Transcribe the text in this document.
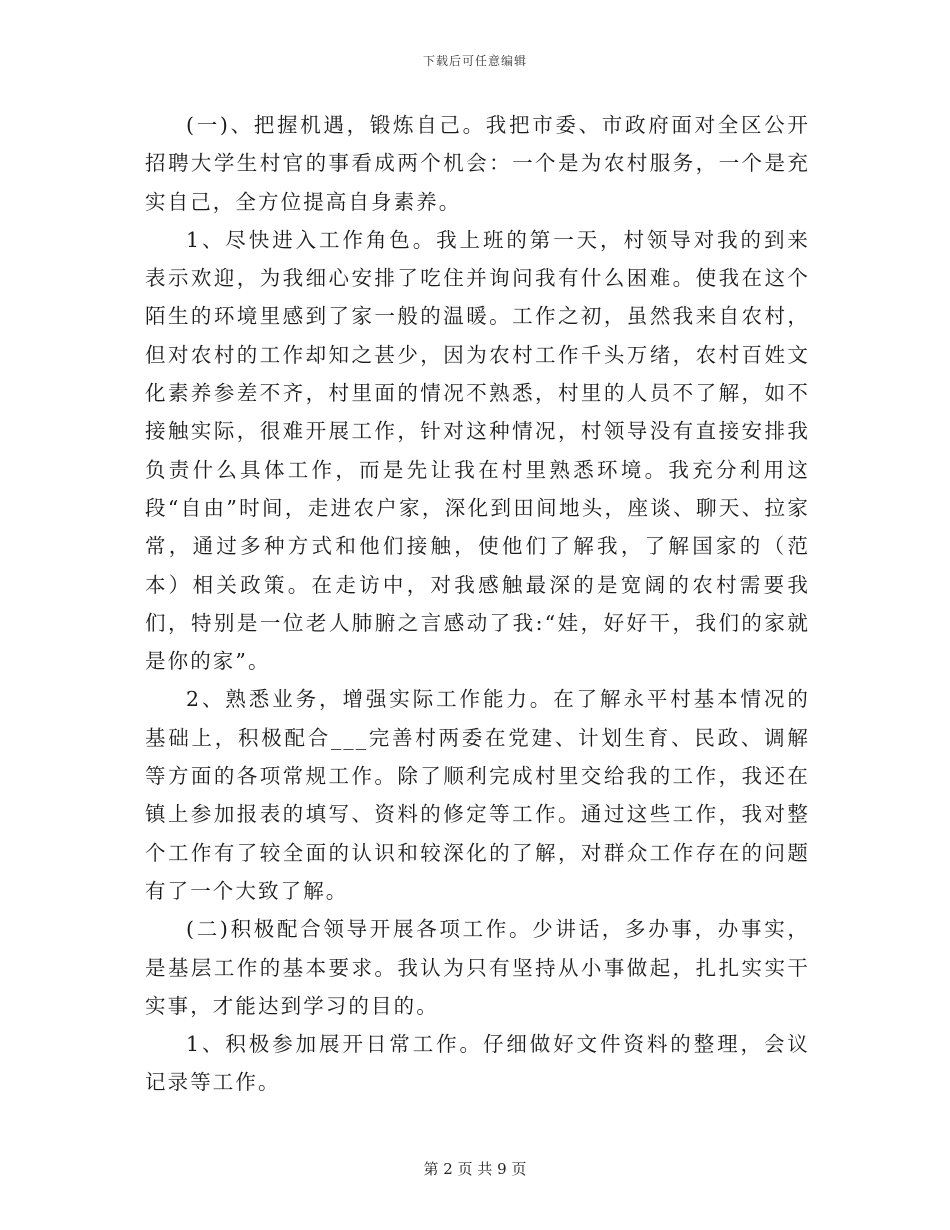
下载后可任意编辑

(一)、把握机遇，锻炼自己。我把市委、市政府面对全区公开招聘大学生村官的事看成两个机会：一个是为农村服务，一个是充实自己，全方位提高自身素养。

1、尽快进入工作角色。我上班的第一天，村领导对我的到来表示欢迎，为我细心安排了吃住并询问我有什么困难。使我在这个陌生的环境里感到了家一般的温暖。工作之初，虽然我来自农村，但对农村的工作却知之甚少，因为农村工作千头万绪，农村百姓文化素养参差不齐，村里面的情况不熟悉，村里的人员不了解，如不接触实际，很难开展工作，针对这种情况，村领导没有直接安排我负责什么具体工作，而是先让我在村里熟悉环境。我充分利用这段“自由”时间，走进农户家，深化到田间地头，座谈、聊天、拉家常，通过多种方式和他们接触，使他们了解我，了解国家的（范本）相关政策。在走访中，对我感触最深的是宽阔的农村需要我们，特别是一位老人肺腑之言感动了我:“娃，好好干，我们的家就是你的家”。

2、熟悉业务，增强实际工作能力。在了解永平村基本情况的基础上，积极配合___完善村两委在党建、计划生育、民政、调解等方面的各项常规工作。除了顺利完成村里交给我的工作，我还在镇上参加报表的填写、资料的修定等工作。通过这些工作，我对整个工作有了较全面的认识和较深化的了解，对群众工作存在的问题有了一个大致了解。

(二)积极配合领导开展各项工作。少讲话，多办事，办事实，是基层工作的基本要求。我认为只有坚持从小事做起，扎扎实实干实事，才能达到学习的目的。

1、积极参加展开日常工作。仔细做好文件资料的整理，会议记录等工作。

第 2 页 共 9 页
